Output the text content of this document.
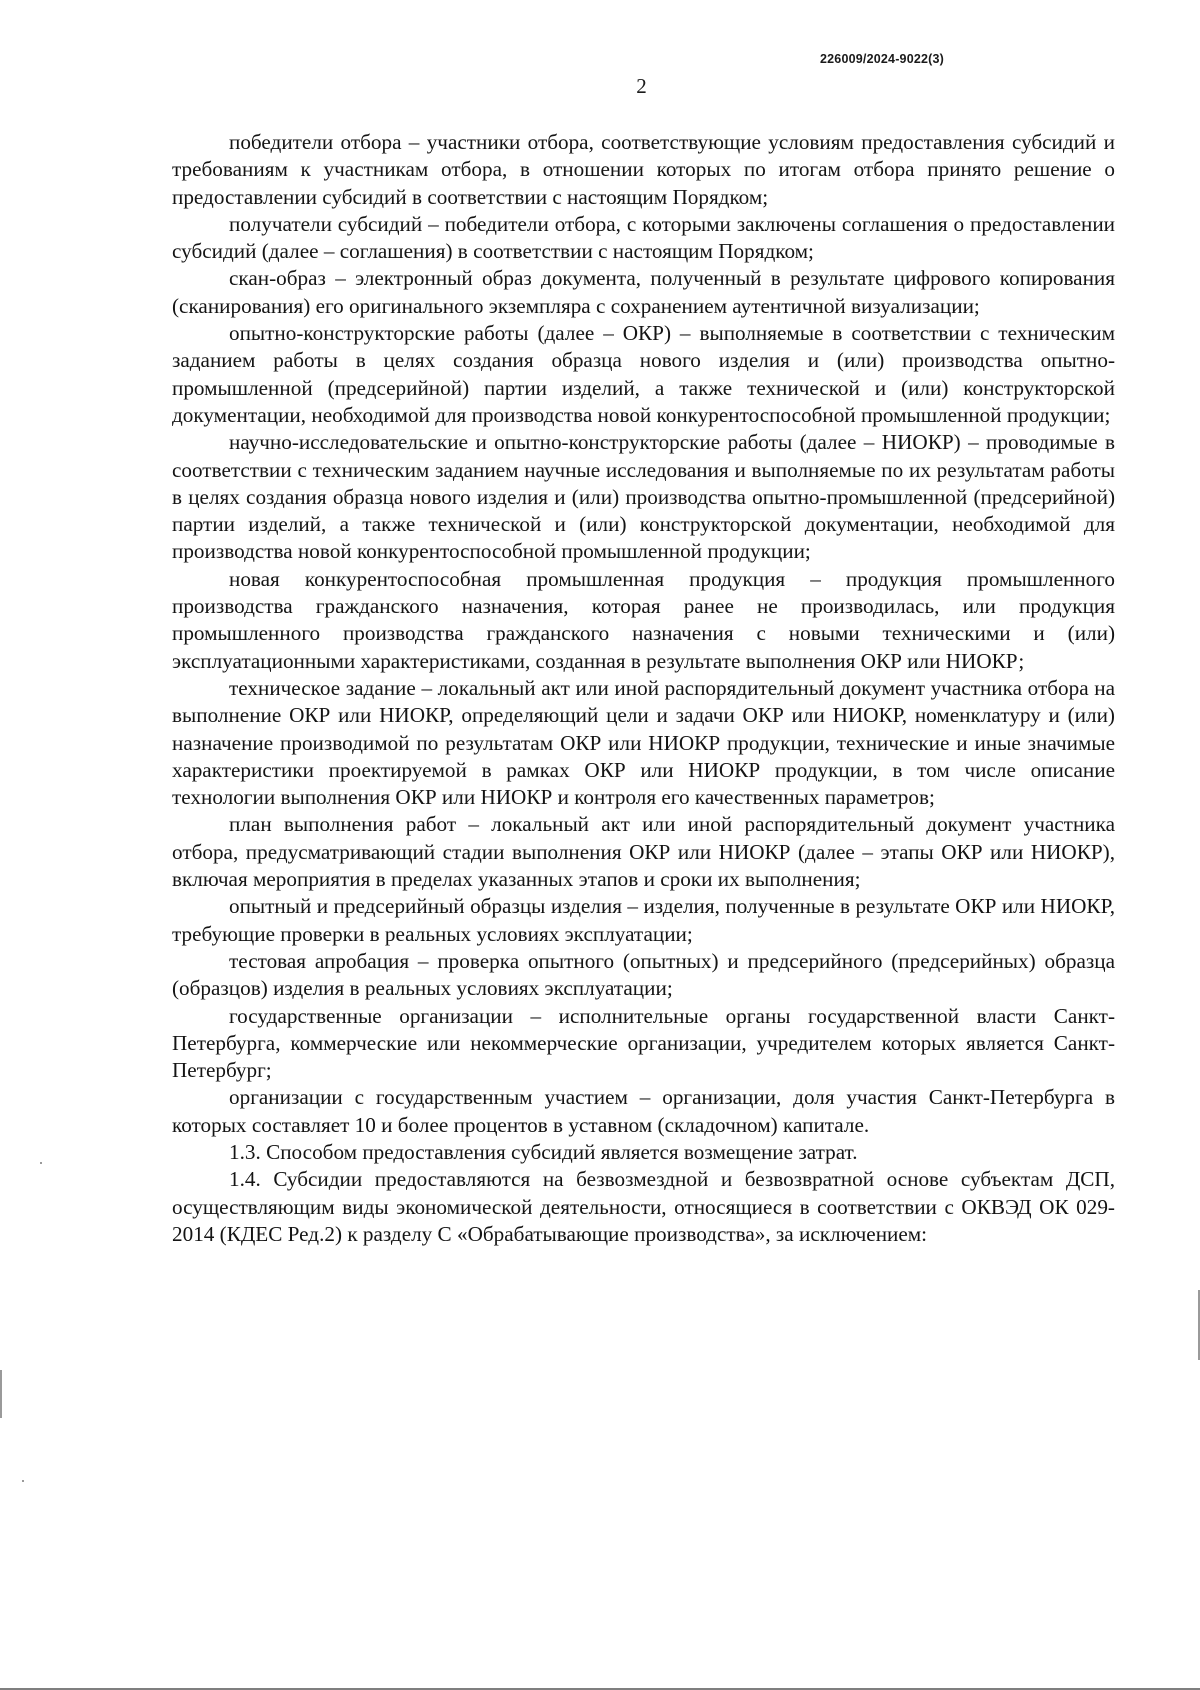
226009/2024-9022(3)
2

победители отбора – участники отбора, соответствующие условиям предоставления субсидий и требованиям к участникам отбора, в отношении которых по итогам отбора принято решение о предоставлении субсидий в соответствии с настоящим Порядком;

получатели субсидий – победители отбора, с которыми заключены соглашения о предоставлении субсидий (далее – соглашения) в соответствии с настоящим Порядком;

скан-образ – электронный образ документа, полученный в результате цифрового копирования (сканирования) его оригинального экземпляра с сохранением аутентичной визуализации;

опытно-конструкторские работы (далее – ОКР) – выполняемые в соответствии с техническим заданием работы в целях создания образца нового изделия и (или) производства опытно-промышленной (предсерийной) партии изделий, а также технической и (или) конструкторской документации, необходимой для производства новой конкурентоспособной промышленной продукции;

научно-исследовательские и опытно-конструкторские работы (далее – НИОКР) – проводимые в соответствии с техническим заданием научные исследования и выполняемые по их результатам работы в целях создания образца нового изделия и (или) производства опытно-промышленной (предсерийной) партии изделий, а также технической и (или) конструкторской документации, необходимой для производства новой конкурентоспособной промышленной продукции;

новая конкурентоспособная промышленная продукция – продукция промышленного производства гражданского назначения, которая ранее не производилась, или продукция промышленного производства гражданского назначения с новыми техническими и (или) эксплуатационными характеристиками, созданная в результате выполнения ОКР или НИОКР;

техническое задание – локальный акт или иной распорядительный документ участника отбора на выполнение ОКР или НИОКР, определяющий цели и задачи ОКР или НИОКР, номенклатуру и (или) назначение производимой по результатам ОКР или НИОКР продукции, технические и иные значимые характеристики проектируемой в рамках ОКР или НИОКР продукции, в том числе описание технологии выполнения ОКР или НИОКР и контроля его качественных параметров;

план выполнения работ – локальный акт или иной распорядительный документ участника отбора, предусматривающий стадии выполнения ОКР или НИОКР (далее – этапы ОКР или НИОКР), включая мероприятия в пределах указанных этапов и сроки их выполнения;

опытный и предсерийный образцы изделия – изделия, полученные в результате ОКР или НИОКР, требующие проверки в реальных условиях эксплуатации;

тестовая апробация – проверка опытного (опытных) и предсерийного (предсерийных) образца (образцов) изделия в реальных условиях эксплуатации;

государственные организации – исполнительные органы государственной власти Санкт-Петербурга, коммерческие или некоммерческие организации, учредителем которых является Санкт-Петербург;

организации с государственным участием – организации, доля участия Санкт-Петербурга в которых составляет 10 и более процентов в уставном (складочном) капитале.

1.3. Способом предоставления субсидий является возмещение затрат.

1.4. Субсидии предоставляются на безвозмездной и безвозвратной основе субъектам ДСП, осуществляющим виды экономической деятельности, относящиеся в соответствии с ОКВЭД ОК 029-2014 (КДЕС Ред.2) к разделу С «Обрабатывающие производства», за исключением:
